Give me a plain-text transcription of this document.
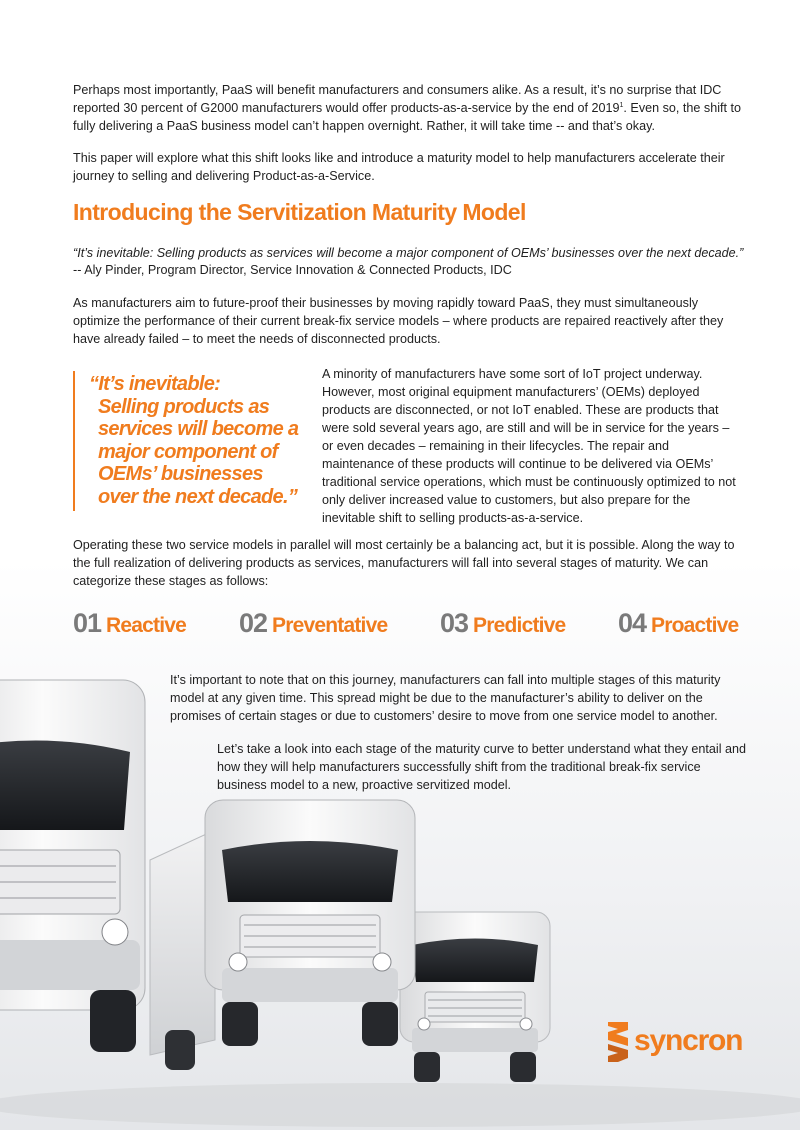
Perhaps most importantly, PaaS will benefit manufacturers and consumers alike. As a result, it’s no surprise that IDC reported 30 percent of G2000 manufacturers would offer products-as-a-service by the end of 2019$^1$. Even so, the shift to fully delivering a PaaS business model can’t happen overnight. Rather, it will take time -- and that’s okay.

This paper will explore what this shift looks like and introduce a maturity model to help manufacturers accelerate their journey to selling and delivering Product-as-a-Service.

Introducing the Servitization Maturity Model

“It’s inevitable: Selling products as services will become a major component of OEMs’ businesses over the next decade.”

-- Aly Pinder, Program Director, Service Innovation & Connected Products, IDC

As manufacturers aim to future-proof their businesses by moving rapidly toward PaaS, they must simultaneously optimize the performance of their current break-fix service models – where products are repaired reactively after they have already failed – to meet the needs of disconnected products.

“It’s inevitable:
Selling products as
services will become a
major component of
OEMs’ businesses
over the next decade.”

A minority of manufacturers have some sort of IoT project underway. However, most original equipment manufacturers’ (OEMs) deployed products are disconnected, or not IoT enabled. These are products that were sold several years ago, are still and will be in service for the years – or even decades – remaining in their lifecycles. The repair and maintenance of these products will continue to be delivered via OEMs’ traditional service operations, which must be continuously optimized to not only deliver increased value to customers, but also prepare for the inevitable shift to selling products-as-a-service.

Operating these two service models in parallel will most certainly be a balancing act, but it is possible. Along the way to the full realization of delivering products as services, manufacturers will fall into several stages of maturity. We can categorize these stages as follows:

01 Reactive 02 Preventative 03 Predictive 04 Proactive

It’s important to note that on this journey, manufacturers can fall into multiple stages of this maturity model at any given time. This spread might be due to the manufacturer’s ability to deliver on the promises of certain stages or due to customers’ desire to move from one service model to another.

Let’s take a look into each stage of the maturity curve to better understand what they entail and how they will help manufacturers successfully shift from the traditional break-fix service business model to a new, proactive servitized model.

syncron
